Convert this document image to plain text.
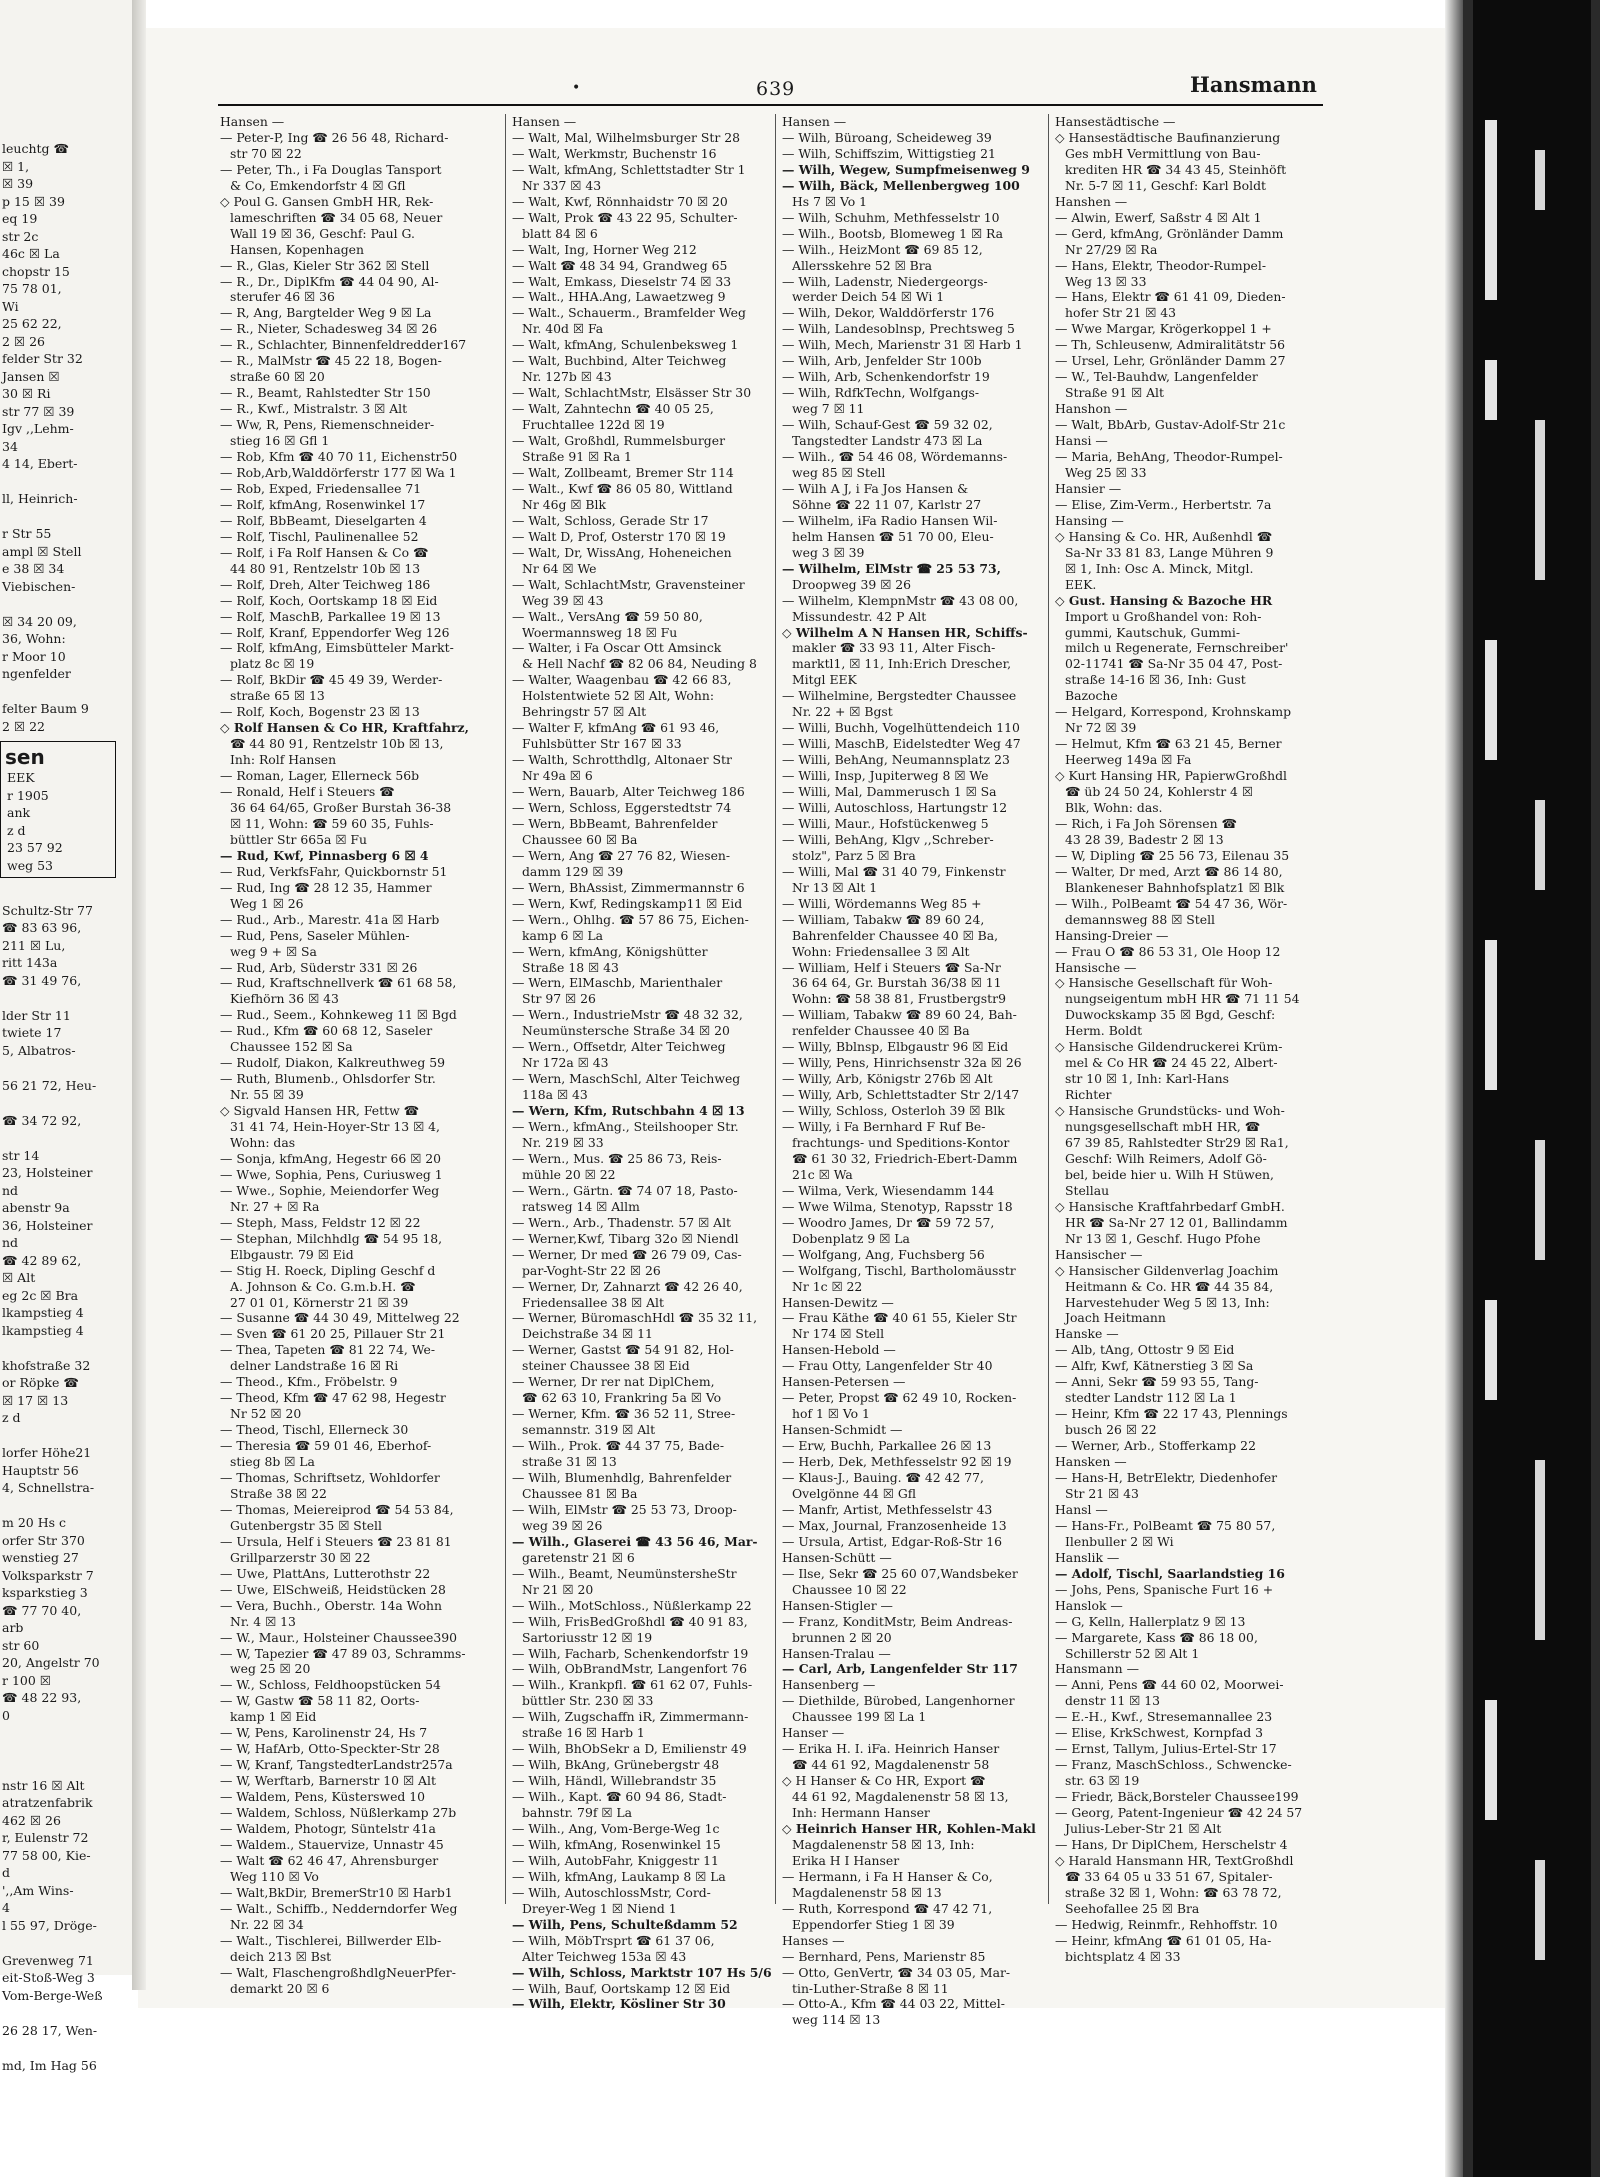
leuchtg ☎
☒ 1,
☒ 39
p 15 ☒ 39
eq 19
str 2c
46c ☒ La
chopstr 15
75 78 01,
Wi
25 62 22,
2 ☒ 26
felder Str 32
Jansen ☒
30 ☒ Ri
str 77 ☒ 39
Igv ,,Lehm-
34
4 14, Ebert-

ll, Heinrich-

r Str 55
ampl ☒ Stell
e 38 ☒ 34
Viebischen-

☒ 34 20 09,
36, Wohn:
r Moor 10
ngenfelder

felter Baum 9
2 ☒ 22
sen
EEK
r 1905
ank
z d
23 57 92
weg 53

Schultz-Str 77
☎ 83 63 96,
211 ☒ Lu,
ritt 143a
☎ 31 49 76,

lder Str 11
twiete 17
5, Albatros-

56 21 72, Heu-

☎ 34 72 92,

str 14
23, Holsteiner
nd
abenstr 9a
36, Holsteiner
nd
☎ 42 89 62,
☒ Alt
eg 2c ☒ Bra
lkampstieg 4
lkampstieg 4

khofstraße 32
or Röpke ☎
☒ 17 ☒ 13
z d

lorfer Höhe21
Hauptstr 56
4, Schnellstra-

m 20 Hs c
orfer Str 370
wenstieg 27
Volksparkstr 7
ksparkstieg 3
☎ 77 70 40,
arb
str 60
20, Angelstr 70
r 100 ☒
☎ 48 22 93,
0

nstr 16 ☒ Alt
atratzenfabrik
462 ☒ 26
r, Eulenstr 72
77 58 00, Kie-
d
',,Am Wins-
4
l 55 97, Dröge-

Grevenweg 71
eit-Stoß-Weg 3
Vom-Berge-Weß

26 28 17, Wen-

md, Im Hag 56
•	639	Hansmann
Hansen —
— Peter-P, Ing ☎ 26 56 48, Richard-
str 70 ☒ 22
— Peter, Th., i Fa Douglas Tansport
& Co, Emkendorfstr 4 ☒ Gfl
◇ Poul G. Gansen GmbH HR, Rek-
lameschriften ☎ 34 05 68, Neuer
Wall 19 ☒ 36, Geschf: Paul G.
Hansen, Kopenhagen
— R., Glas, Kieler Str 362 ☒ Stell
— R., Dr., DiplKfm ☎ 44 04 90, Al-
sterufer 46 ☒ 36
— R, Ang, Bargtelder Weg 9 ☒ La
— R., Nieter, Schadesweg 34 ☒ 26
— R., Schlachter, Binnenfeldredder167
— R., MalMstr ☎ 45 22 18, Bogen-
straße 60 ☒ 20
— R., Beamt, Rahlstedter Str 150
— R., Kwf., Mistralstr. 3 ☒ Alt
— Ww, R, Pens, Riemenschneider-
stieg 16 ☒ Gfl 1
— Rob, Kfm ☎ 40 70 11, Eichenstr50
— Rob,Arb,Walddörferstr 177 ☒ Wa 1
— Rob, Exped, Friedensallee 71
— Rolf, kfmAng, Rosenwinkel 17
— Rolf, BbBeamt, Dieselgarten 4
— Rolf, Tischl, Paulinenallee 52
— Rolf, i Fa Rolf Hansen & Co ☎
44 80 91, Rentzelstr 10b ☒ 13
— Rolf, Dreh, Alter Teichweg 186
— Rolf, Koch, Oortskamp 18 ☒ Eid
— Rolf, MaschB, Parkallee 19 ☒ 13
— Rolf, Kranf, Eppendorfer Weg 126
— Rolf, kfmAng, Eimsbütteler Markt-
platz 8c ☒ 19
— Rolf, BkDir ☎ 45 49 39, Werder-
straße 65 ☒ 13
— Rolf, Koch, Bogenstr 23 ☒ 13
◇ Rolf Hansen & Co HR, Kraftfahrz,
☎ 44 80 91, Rentzelstr 10b ☒ 13,
Inh: Rolf Hansen
— Roman, Lager, Ellerneck 56b
— Ronald, Helf i Steuers ☎
36 64 64/65, Großer Burstah 36-38
☒ 11, Wohn: ☎ 59 60 35, Fuhls-
büttler Str 665a ☒ Fu
— Rud, Kwf, Pinnasberg 6 ☒ 4
— Rud, VerkfsFahr, Quickbornstr 51
— Rud, Ing ☎ 28 12 35, Hammer
Weg 1 ☒ 26
— Rud., Arb., Marestr. 41a ☒ Harb
— Rud, Pens, Saseler Mühlen-
weg 9 + ☒ Sa
— Rud, Arb, Süderstr 331 ☒ 26
— Rud, Kraftschnellverk ☎ 61 68 58,
Kiefhörn 36 ☒ 43
— Rud., Seem., Kohnkeweg 11 ☒ Bgd
— Rud., Kfm ☎ 60 68 12, Saseler
Chaussee 152 ☒ Sa
— Rudolf, Diakon, Kalkreuthweg 59
— Ruth, Blumenb., Ohlsdorfer Str.
Nr. 55 ☒ 39
◇ Sigvald Hansen HR, Fettw ☎
31 41 74, Hein-Hoyer-Str 13 ☒ 4,
Wohn: das
— Sonja, kfmAng, Hegestr 66 ☒ 20
— Wwe, Sophia, Pens, Curiusweg 1
— Wwe., Sophie, Meiendorfer Weg
Nr. 27 + ☒ Ra
— Steph, Mass, Feldstr 12 ☒ 22
— Stephan, Milchhdlg ☎ 54 95 18,
Elbgaustr. 79 ☒ Eid
— Stig H. Roeck, Dipling Geschf d
A. Johnson & Co. G.m.b.H. ☎
27 01 01, Körnerstr 21 ☒ 39
— Susanne ☎ 44 30 49, Mittelweg 22
— Sven ☎ 61 20 25, Pillauer Str 21
— Thea, Tapeten ☎ 81 22 74, We-
delner Landstraße 16 ☒ Ri
— Theod., Kfm., Fröbelstr. 9
— Theod, Kfm ☎ 47 62 98, Hegestr
Nr 52 ☒ 20
— Theod, Tischl, Ellerneck 30
— Theresia ☎ 59 01 46, Eberhof-
stieg 8b ☒ La
— Thomas, Schriftsetz, Wohldorfer
Straße 38 ☒ 22
— Thomas, Meiereiprod ☎ 54 53 84,
Gutenbergstr 35 ☒ Stell
— Ursula, Helf i Steuers ☎ 23 81 81
Grillparzerstr 30 ☒ 22
— Uwe, PlattAns, Lutterothstr 22
— Uwe, ElSchweiß, Heidstücken 28
— Vera, Buchh., Oberstr. 14a Wohn
Nr. 4 ☒ 13
— W., Maur., Holsteiner Chaussee390
— W, Tapezier ☎ 47 89 03, Schramms-
weg 25 ☒ 20
— W., Schloss, Feldhoopstücken 54
— W, Gastw ☎ 58 11 82, Oorts-
kamp 1 ☒ Eid
— W, Pens, Karolinenstr 24, Hs 7
— W, HafArb, Otto-Speckter-Str 28
— W, Kranf, TangstedterLandstr257a
— W, Werftarb, Barnerstr 10 ☒ Alt
— Waldem, Pens, Küsterswed 10
— Waldem, Schloss, Nüßlerkamp 27b
— Waldem, Photogr, Süntelstr 41a
— Waldem., Stauervize, Unnastr 45
— Walt ☎ 62 46 47, Ahrensburger
Weg 110 ☒ Vo
— Walt,BkDir, BremerStr10 ☒ Harb1
— Walt., Schiffb., Nedderndorfer Weg
Nr. 22 ☒ 34
— Walt., Tischlerei, Billwerder Elb-
deich 213 ☒ Bst
— Walt, FlaschengroßhdlgNeuerPfer-
demarkt 20 ☒ 6
Hansen —
— Walt, Mal, Wilhelmsburger Str 28
— Walt, Werkmstr, Buchenstr 16
— Walt, kfmAng, Schlettstadter Str 1
Nr 337 ☒ 43
— Walt, Kwf, Rönnhaidstr 70 ☒ 20
— Walt, Prok ☎ 43 22 95, Schulter-
blatt 84 ☒ 6
— Walt, Ing, Horner Weg 212
— Walt ☎ 48 34 94, Grandweg 65
— Walt, Emkass, Dieselstr 74 ☒ 33
— Walt., HHA.Ang, Lawaetzweg 9
— Walt., Schauerm., Bramfelder Weg
Nr. 40d ☒ Fa
— Walt, kfmAng, Schulenbeksweg 1
— Walt, Buchbind, Alter Teichweg
Nr. 127b ☒ 43
— Walt, SchlachtMstr, Elsässer Str 30
— Walt, Zahntechn ☎ 40 05 25,
Fruchtallee 122d ☒ 19
— Walt, Großhdl, Rummelsburger
Straße 91 ☒ Ra 1
— Walt, Zollbeamt, Bremer Str 114
— Walt., Kwf ☎ 86 05 80, Wittland
Nr 46g ☒ Blk
— Walt, Schloss, Gerade Str 17
— Walt D, Prof, Osterstr 170 ☒ 19
— Walt, Dr, WissAng, Hoheneichen
Nr 64 ☒ We
— Walt, SchlachtMstr, Gravensteiner
Weg 39 ☒ 43
— Walt., VersAng ☎ 59 50 80,
Woermannsweg 18 ☒ Fu
— Walter, i Fa Oscar Ott Amsinck
& Hell Nachf ☎ 82 06 84, Neuding 8
— Walter, Waagenbau ☎ 42 66 83,
Holstentwiete 52 ☒ Alt, Wohn:
Behringstr 57 ☒ Alt
— Walter F, kfmAng ☎ 61 93 46,
Fuhlsbütter Str 167 ☒ 33
— Walth, Schrotthdlg, Altonaer Str
Nr 49a ☒ 6
— Wern, Bauarb, Alter Teichweg 186
— Wern, Schloss, Eggerstedtstr 74
— Wern, BbBeamt, Bahrenfelder
Chaussee 60 ☒ Ba
— Wern, Ang ☎ 27 76 82, Wiesen-
damm 129 ☒ 39
— Wern, BhAssist, Zimmermannstr 6
— Wern, Kwf, Redingskamp11 ☒ Eid
— Wern., Ohlhg. ☎ 57 86 75, Eichen-
kamp 6 ☒ La
— Wern, kfmAng, Königshütter
Straße 18 ☒ 43
— Wern, ElMaschb, Marienthaler
Str 97 ☒ 26
— Wern., IndustrieMstr ☎ 48 32 32,
Neumünstersche Straße 34 ☒ 20
— Wern., Offsetdr, Alter Teichweg
Nr 172a ☒ 43
— Wern, MaschSchl, Alter Teichweg
118a ☒ 43
— Wern, Kfm, Rutschbahn 4 ☒ 13
— Wern., kfmAng., Steilshooper Str.
Nr. 219 ☒ 33
— Wern., Mus. ☎ 25 86 73, Reis-
mühle 20 ☒ 22
— Wern., Gärtn. ☎ 74 07 18, Pasto-
ratsweg 14 ☒ Allm
— Wern., Arb., Thadenstr. 57 ☒ Alt
— Werner,Kwf, Tibarg 32o ☒ Niendl
— Werner, Dr med ☎ 26 79 09, Cas-
par-Voght-Str 22 ☒ 26
— Werner, Dr, Zahnarzt ☎ 42 26 40,
Friedensallee 38 ☒ Alt
— Werner, BüromaschHdl ☎ 35 32 11,
Deichstraße 34 ☒ 11
— Werner, Gastst ☎ 54 91 82, Hol-
steiner Chaussee 38 ☒ Eid
— Werner, Dr rer nat DiplChem,
☎ 62 63 10, Frankring 5a ☒ Vo
— Werner, Kfm. ☎ 36 52 11, Stree-
semannstr. 319 ☒ Alt
— Wilh., Prok. ☎ 44 37 75, Bade-
straße 31 ☒ 13
— Wilh, Blumenhdlg, Bahrenfelder
Chaussee 81 ☒ Ba
— Wilh, ElMstr ☎ 25 53 73, Droop-
weg 39 ☒ 26
— Wilh., Glaserei ☎ 43 56 46, Mar-
garetenstr 21 ☒ 6
— Wilh., Beamt, NeumünstersheStr
Nr 21 ☒ 20
— Wilh., MotSchloss., Nüßlerkamp 22
— Wilh, FrisBedGroßhdl ☎ 40 91 83,
Sartoriusstr 12 ☒ 19
— Wilh, Facharb, Schenkendorfstr 19
— Wilh, ObBrandMstr, Langenfort 76
— Wilh., Krankpfl. ☎ 61 62 07, Fuhls-
büttler Str. 230 ☒ 33
— Wilh, Zugschaffn iR, Zimmermann-
straße 16 ☒ Harb 1
— Wilh, BhObSekr a D, Emilienstr 49
— Wilh, BkAng, Grünebergstr 48
— Wilh, Händl, Willebrandstr 35
— Wilh., Kapt. ☎ 60 94 86, Stadt-
bahnstr. 79f ☒ La
— Wilh., Ang, Vom-Berge-Weg 1c
— Wilh, kfmAng, Rosenwinkel 15
— Wilh, AutobFahr, Kniggestr 11
— Wilh, kfmAng, Laukamp 8 ☒ La
— Wilh, AutoschlossMstr, Cord-
Dreyer-Weg 1 ☒ Niend 1
— Wilh, Pens, Schulteßdamm 52
— Wilh, MöbTrsprt ☎ 61 37 06,
Alter Teichweg 153a ☒ 43
— Wilh, Schloss, Marktstr 107 Hs 5/6
— Wilh, Bauf, Oortskamp 12 ☒ Eid
— Wilh, Elektr, Kösliner Str 30
Hansen —
— Wilh, Büroang, Scheideweg 39
— Wilh, Schiffszim, Wittigstieg 21
— Wilh, Wegew, Sumpfmeisenweg 9
— Wilh, Bäck, Mellenbergweg 100
Hs 7 ☒ Vo 1
— Wilh, Schuhm, Methfesselstr 10
— Wilh., Bootsb, Blomeweg 1 ☒ Ra
— Wilh., HeizMont ☎ 69 85 12,
Allersskehre 52 ☒ Bra
— Wilh, Ladenstr, Niedergeorgs-
werder Deich 54 ☒ Wi 1
— Wilh, Dekor, Walddörferstr 176
— Wilh, Landesoblnsp, Prechtsweg 5
— Wilh, Mech, Marienstr 31 ☒ Harb 1
— Wilh, Arb, Jenfelder Str 100b
— Wilh, Arb, Schenkendorfstr 19
— Wilh, RdfkTechn, Wolfgangs-
weg 7 ☒ 11
— Wilh, Schauf-Gest ☎ 59 32 02,
Tangstedter Landstr 473 ☒ La
— Wilh., ☎ 54 46 08, Wördemanns-
weg 85 ☒ Stell
— Wilh A J, i Fa Jos Hansen &
Söhne ☎ 22 11 07, Karlstr 27
— Wilhelm, iFa Radio Hansen Wil-
helm Hansen ☎ 51 70 00, Eleu-
weg 3 ☒ 39
— Wilhelm, ElMstr ☎ 25 53 73,
Droopweg 39 ☒ 26
— Wilhelm, KlempnMstr ☎ 43 08 00,
Missundestr. 42 P Alt
◇ Wilhelm A N Hansen HR, Schiffs-
makler ☎ 33 93 11, Alter Fisch-
marktl1, ☒ 11, Inh:Erich Drescher,
Mitgl EEK
— Wilhelmine, Bergstedter Chaussee
Nr. 22 + ☒ Bgst
— Willi, Buchh, Vogelhüttendeich 110
— Willi, MaschB, Eidelstedter Weg 47
— Willi, BehAng, Neumannsplatz 23
— Willi, Insp, Jupiterweg 8 ☒ We
— Willi, Mal, Dammerusch 1 ☒ Sa
— Willi, Autoschloss, Hartungstr 12
— Willi, Maur., Hofstückenweg 5
— Willi, BehAng, Klgv ,,Schreber-
stolz", Parz 5 ☒ Bra
— Willi, Mal ☎ 31 40 79, Finkenstr
Nr 13 ☒ Alt 1
— Willi, Wördemanns Weg 85 +
— William, Tabakw ☎ 89 60 24,
Bahrenfelder Chaussee 40 ☒ Ba,
Wohn: Friedensallee 3 ☒ Alt
— William, Helf i Steuers ☎ Sa-Nr
36 64 64, Gr. Burstah 36/38 ☒ 11
Wohn: ☎ 58 38 81, Frustbergstr9
— William, Tabakw ☎ 89 60 24, Bah-
renfelder Chaussee 40 ☒ Ba
— Willy, Bblnsp, Elbgaustr 96 ☒ Eid
— Willy, Pens, Hinrichsenstr 32a ☒ 26
— Willy, Arb, Königstr 276b ☒ Alt
— Willy, Arb, Schlettstadter Str 2/147
— Willy, Schloss, Osterloh 39 ☒ Blk
— Willy, i Fa Bernhard F Ruf Be-
frachtungs- und Speditions-Kontor
☎ 61 30 32, Friedrich-Ebert-Damm
21c ☒ Wa
— Wilma, Verk, Wiesendamm 144
— Wwe Wilma, Stenotyp, Rapsstr 18
— Woodro James, Dr ☎ 59 72 57,
Dobenplatz 9 ☒ La
— Wolfgang, Ang, Fuchsberg 56
— Wolfgang, Tischl, Bartholomäusstr
Nr 1c ☒ 22
Hansen-Dewitz —
— Frau Käthe ☎ 40 61 55, Kieler Str
Nr 174 ☒ Stell
Hansen-Hebold —
— Frau Otty, Langenfelder Str 40
Hansen-Petersen —
— Peter, Propst ☎ 62 49 10, Rocken-
hof 1 ☒ Vo 1
Hansen-Schmidt —
— Erw, Buchh, Parkallee 26 ☒ 13
— Herb, Dek, Methfesselstr 92 ☒ 19
— Klaus-J., Bauing. ☎ 42 42 77,
Ovelgönne 44 ☒ Gfl
— Manfr, Artist, Methfesselstr 43
— Max, Journal, Franzosenheide 13
— Ursula, Artist, Edgar-Roß-Str 16
Hansen-Schütt —
— Ilse, Sekr ☎ 25 60 07,Wandsbeker
Chaussee 10 ☒ 22
Hansen-Stigler —
— Franz, KonditMstr, Beim Andreas-
brunnen 2 ☒ 20
Hansen-Tralau —
— Carl, Arb, Langenfelder Str 117
Hansenberg —
— Diethilde, Bürobed, Langenhorner
Chaussee 199 ☒ La 1
Hanser —
— Erika H. I. iFa. Heinrich Hanser
☎ 44 61 92, Magdalenenstr 58
◇ H Hanser & Co HR, Export ☎
44 61 92, Magdalenenstr 58 ☒ 13,
Inh: Hermann Hanser
◇ Heinrich Hanser HR, Kohlen-Makl
Magdalenenstr 58 ☒ 13, Inh:
Erika H I Hanser
— Hermann, i Fa H Hanser & Co,
Magdalenenstr 58 ☒ 13
— Ruth, Korrespond ☎ 47 42 71,
Eppendorfer Stieg 1 ☒ 39
Hanses —
— Bernhard, Pens, Marienstr 85
— Otto, GenVertr, ☎ 34 03 05, Mar-
tin-Luther-Straße 8 ☒ 11
— Otto-A., Kfm ☎ 44 03 22, Mittel-
weg 114 ☒ 13
Hansestädtische —
◇ Hansestädtische Baufinanzierung
Ges mbH Vermittlung von Bau-
krediten HR ☎ 34 43 45, Steinhöft
Nr. 5-7 ☒ 11, Geschf: Karl Boldt
Hanshen —
— Alwin, Ewerf, Saßstr 4 ☒ Alt 1
— Gerd, kfmAng, Grönländer Damm
Nr 27/29 ☒ Ra
— Hans, Elektr, Theodor-Rumpel-
Weg 13 ☒ 33
— Hans, Elektr ☎ 61 41 09, Dieden-
hofer Str 21 ☒ 43
— Wwe Margar, Krögerkoppel 1 +
— Th, Schleusenw, Admiralitätstr 56
— Ursel, Lehr, Grönländer Damm 27
— W., Tel-Bauhdw, Langenfelder
Straße 91 ☒ Alt
Hanshon —
— Walt, BbArb, Gustav-Adolf-Str 21c
Hansi —
— Maria, BehAng, Theodor-Rumpel-
Weg 25 ☒ 33
Hansier —
— Elise, Zim-Verm., Herbertstr. 7a
Hansing —
◇ Hansing & Co. HR, Außenhdl ☎
Sa-Nr 33 81 83, Lange Mühren 9
☒ 1, Inh: Osc A. Minck, Mitgl.
EEK.
◇ Gust. Hansing & Bazoche HR
Import u Großhandel von: Roh-
gummi, Kautschuk, Gummi-
milch u Regenerate, Fernschreiber'
02-11741 ☎ Sa-Nr 35 04 47, Post-
straße 14-16 ☒ 36, Inh: Gust
Bazoche
— Helgard, Korrespond, Krohnskamp
Nr 72 ☒ 39
— Helmut, Kfm ☎ 63 21 45, Berner
Heerweg 149a ☒ Fa
◇ Kurt Hansing HR, PapierwGroßhdl
☎ üb 24 50 24, Kohlerstr 4 ☒
Blk, Wohn: das.
— Rich, i Fa Joh Sörensen ☎
43 28 39, Badestr 2 ☒ 13
— W, Dipling ☎ 25 56 73, Eilenau 35
— Walter, Dr med, Arzt ☎ 86 14 80,
Blankeneser Bahnhofsplatz1 ☒ Blk
— Wilh., PolBeamt ☎ 54 47 36, Wör-
demannsweg 88 ☒ Stell
Hansing-Dreier —
— Frau O ☎ 86 53 31, Ole Hoop 12
Hansische —
◇ Hansische Gesellschaft für Woh-
nungseigentum mbH HR ☎ 71 11 54
Duwockskamp 35 ☒ Bgd, Geschf:
Herm. Boldt
◇ Hansische Gildendruckerei Krüm-
mel & Co HR ☎ 24 45 22, Albert-
str 10 ☒ 1, Inh: Karl-Hans
Richter
◇ Hansische Grundstücks- und Woh-
nungsgesellschaft mbH HR, ☎
67 39 85, Rahlstedter Str29 ☒ Ra1,
Geschf: Wilh Reimers, Adolf Gö-
bel, beide hier u. Wilh H Stüwen,
Stellau
◇ Hansische Kraftfahrbedarf GmbH.
HR ☎ Sa-Nr 27 12 01, Ballindamm
Nr 13 ☒ 1, Geschf. Hugo Pfohe
Hansischer —
◇ Hansischer Gildenverlag Joachim
Heitmann & Co. HR ☎ 44 35 84,
Harvestehuder Weg 5 ☒ 13, Inh:
Joach Heitmann
Hanske —
— Alb, tAng, Ottostr 9 ☒ Eid
— Alfr, Kwf, Kätnerstieg 3 ☒ Sa
— Anni, Sekr ☎ 59 93 55, Tang-
stedter Landstr 112 ☒ La 1
— Heinr, Kfm ☎ 22 17 43, Plennings
busch 26 ☒ 22
— Werner, Arb., Stofferkamp 22
Hansken —
— Hans-H, BetrElektr, Diedenhofer
Str 21 ☒ 43
Hansl —
— Hans-Fr., PolBeamt ☎ 75 80 57,
Ilenbuller 2 ☒ Wi
Hanslik —
— Adolf, Tischl, Saarlandstieg 16
— Johs, Pens, Spanische Furt 16 +
Hanslok —
— G, Kelln, Hallerplatz 9 ☒ 13
— Margarete, Kass ☎ 86 18 00,
Schillerstr 52 ☒ Alt 1
Hansmann —
— Anni, Pens ☎ 44 60 02, Moorwei-
denstr 11 ☒ 13
— E.-H., Kwf., Stresemannallee 23
— Elise, KrkSchwest, Kornpfad 3
— Ernst, Tallym, Julius-Ertel-Str 17
— Franz, MaschSchloss., Schwencke-
str. 63 ☒ 19
— Friedr, Bäck,Borsteler Chaussee199
— Georg, Patent-Ingenieur ☎ 42 24 57
Julius-Leber-Str 21 ☒ Alt
— Hans, Dr DiplChem, Herschelstr 4
◇ Harald Hansmann HR, TextGroßhdl
☎ 33 64 05 u 33 51 67, Spitaler-
straße 32 ☒ 1, Wohn: ☎ 63 78 72,
Seehofallee 25 ☒ Bra
— Hedwig, Reinmfr., Rehhoffstr. 10
— Heinr, kfmAng ☎ 61 01 05, Ha-
bichtsplatz 4 ☒ 33
